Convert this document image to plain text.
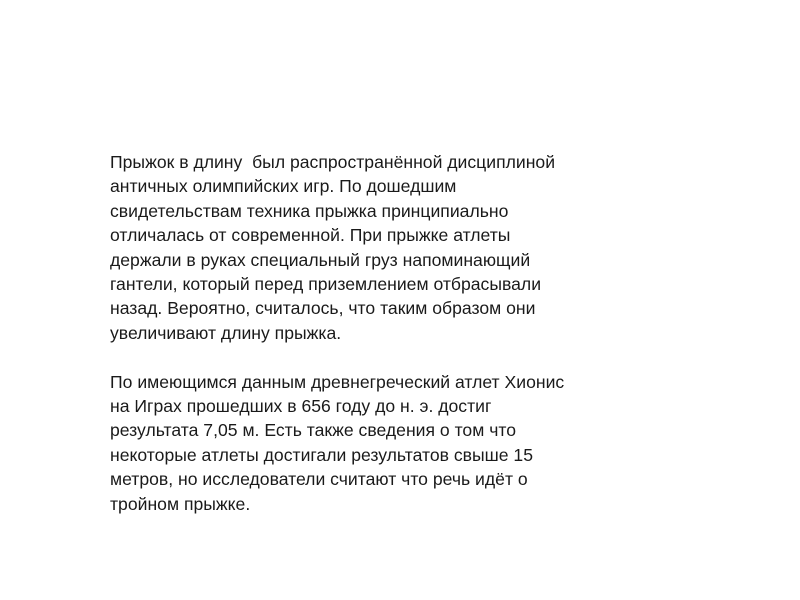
Прыжок в длину  был распространённой дисциплиной
античных олимпийских игр. По дошедшим
свидетельствам техника прыжка принципиально
отличалась от современной. При прыжке атлеты
держали в руках специальный груз напоминающий
гантели, который перед приземлением отбрасывали
назад. Вероятно, считалось, что таким образом они
увеличивают длину прыжка.
По имеющимся данным древнегреческий атлет Хионис
на Играх прошедших в 656 году до н. э. достиг
результата 7,05 м. Есть также сведения о том что
некоторые атлеты достигали результатов свыше 15
метров, но исследователи считают что речь идёт о
тройном прыжке.
